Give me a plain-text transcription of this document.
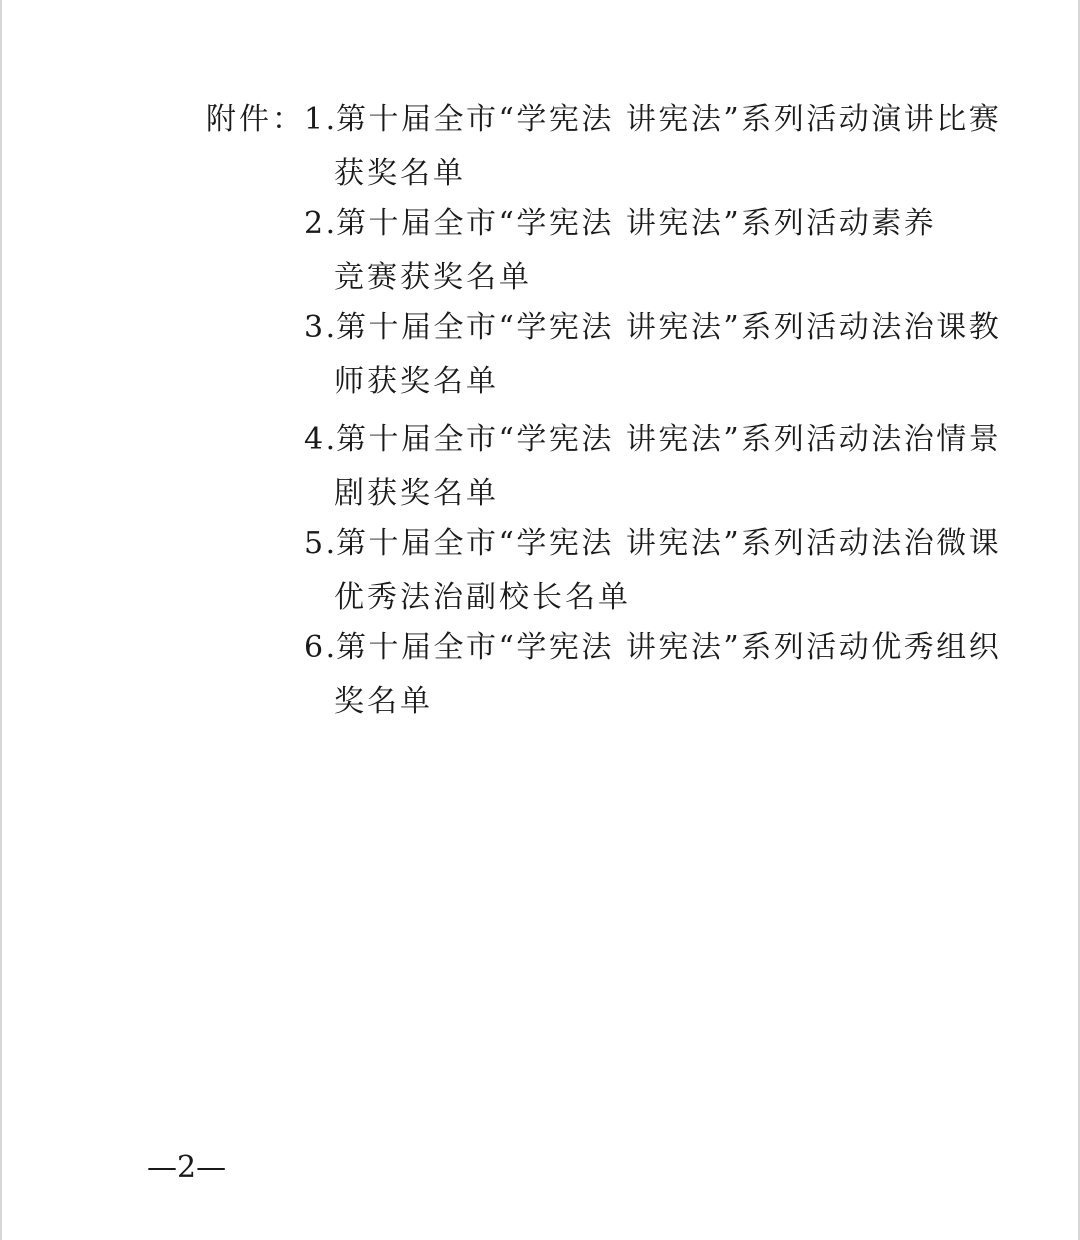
附件： 1.第十届全市“学宪法 讲宪法”系列活动演讲比赛
获奖名单
2.第十届全市“学宪法 讲宪法”系列活动素养
竞赛获奖名单
3.第十届全市“学宪法 讲宪法”系列活动法治课教
师获奖名单
4.第十届全市“学宪法 讲宪法”系列活动法治情景
剧获奖名单
5.第十届全市“学宪法 讲宪法”系列活动法治微课
优秀法治副校长名单
6.第十届全市“学宪法 讲宪法”系列活动优秀组织
奖名单
—2—
